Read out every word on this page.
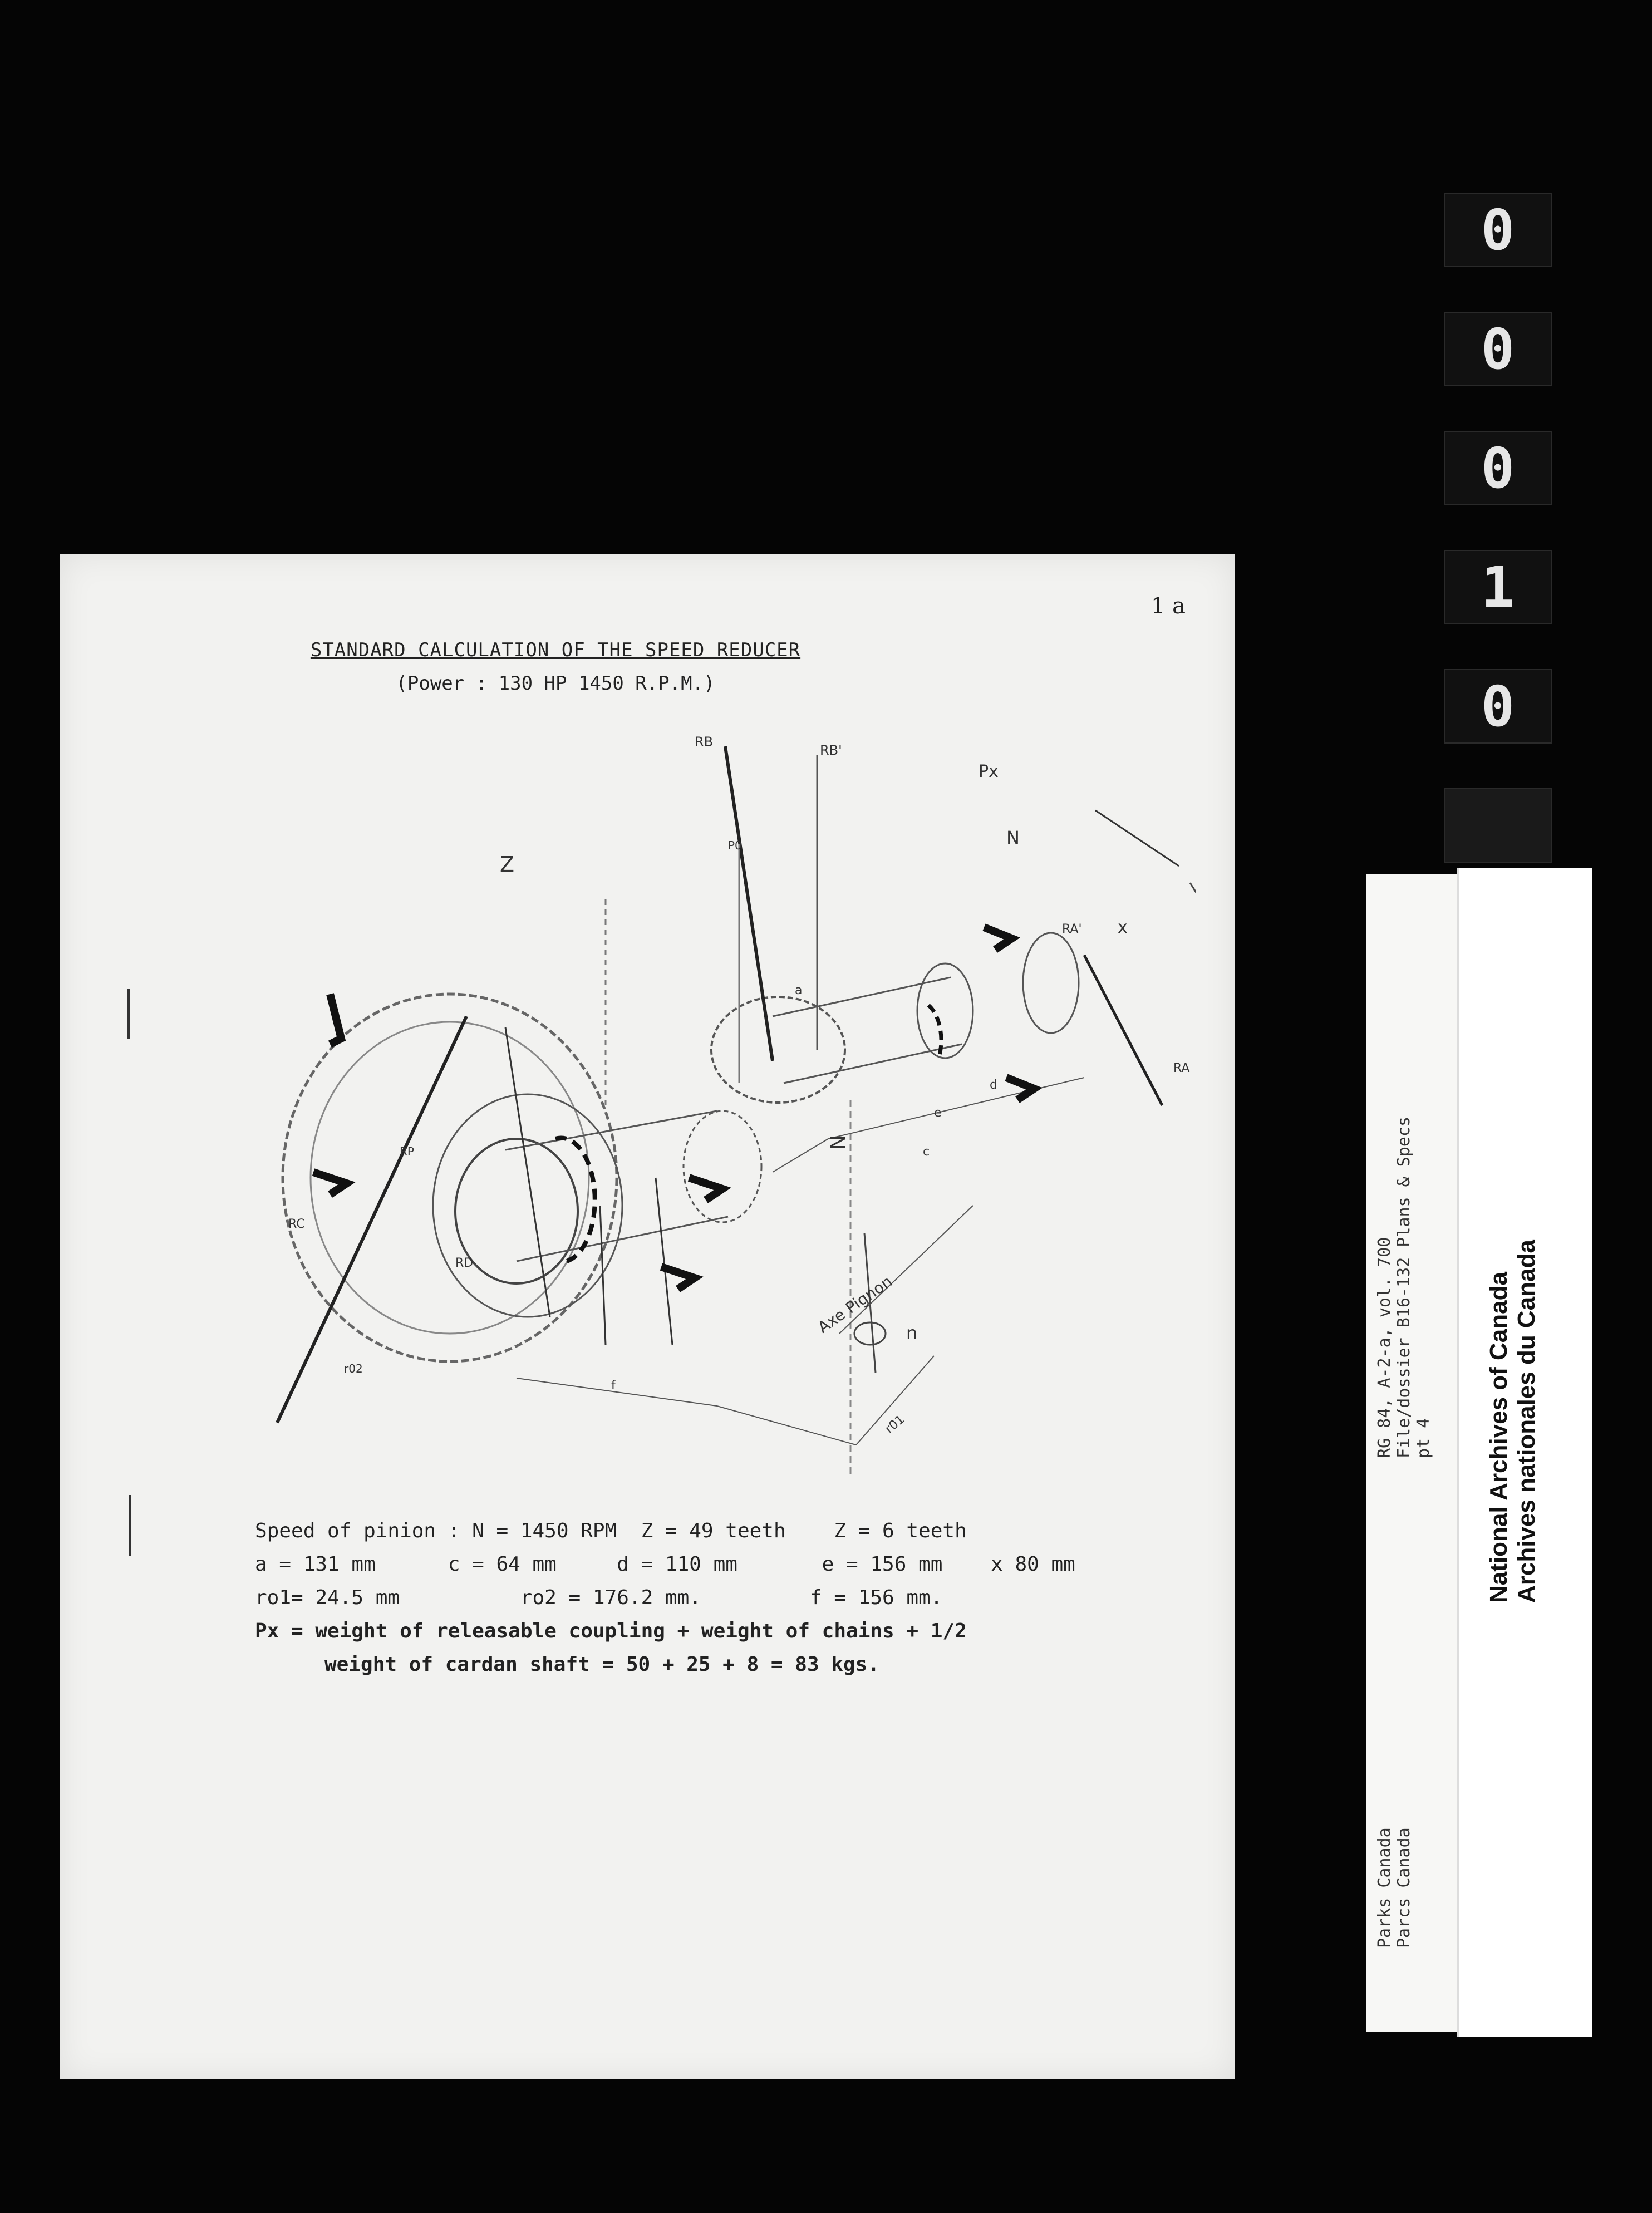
1 a
STANDARD CALCULATION OF THE SPEED REDUCER
(Power : 130 HP 1450 R.P.M.)
Z
N
N
Px
x
RB
RB'
RA
RA'
Axe Pignon n
r01
r02
P0
RD
RP
RC
a
c
d
e
f
Speed of pinion : N = 1450 RPM  Z = 49 teeth    Z = 6 teeth
a = 131 mm      c = 64 mm     d = 110 mm       e = 156 mm    x 80 mm
ro1= 24.5 mm          ro2 = 176.2 mm.         f = 156 mm.
Px = weight of releasable coupling + weight of chains + 1/2
weight of cardan shaft = 50 + 25 + 8 = 83 kgs.
0
0
0
1
0
RG 84, A-2-a, vol. 700 File/dossier B16-132 Plans & Specs pt 4
Parks Canada Parcs Canada
National Archives of Canada Archives nationales du Canada
